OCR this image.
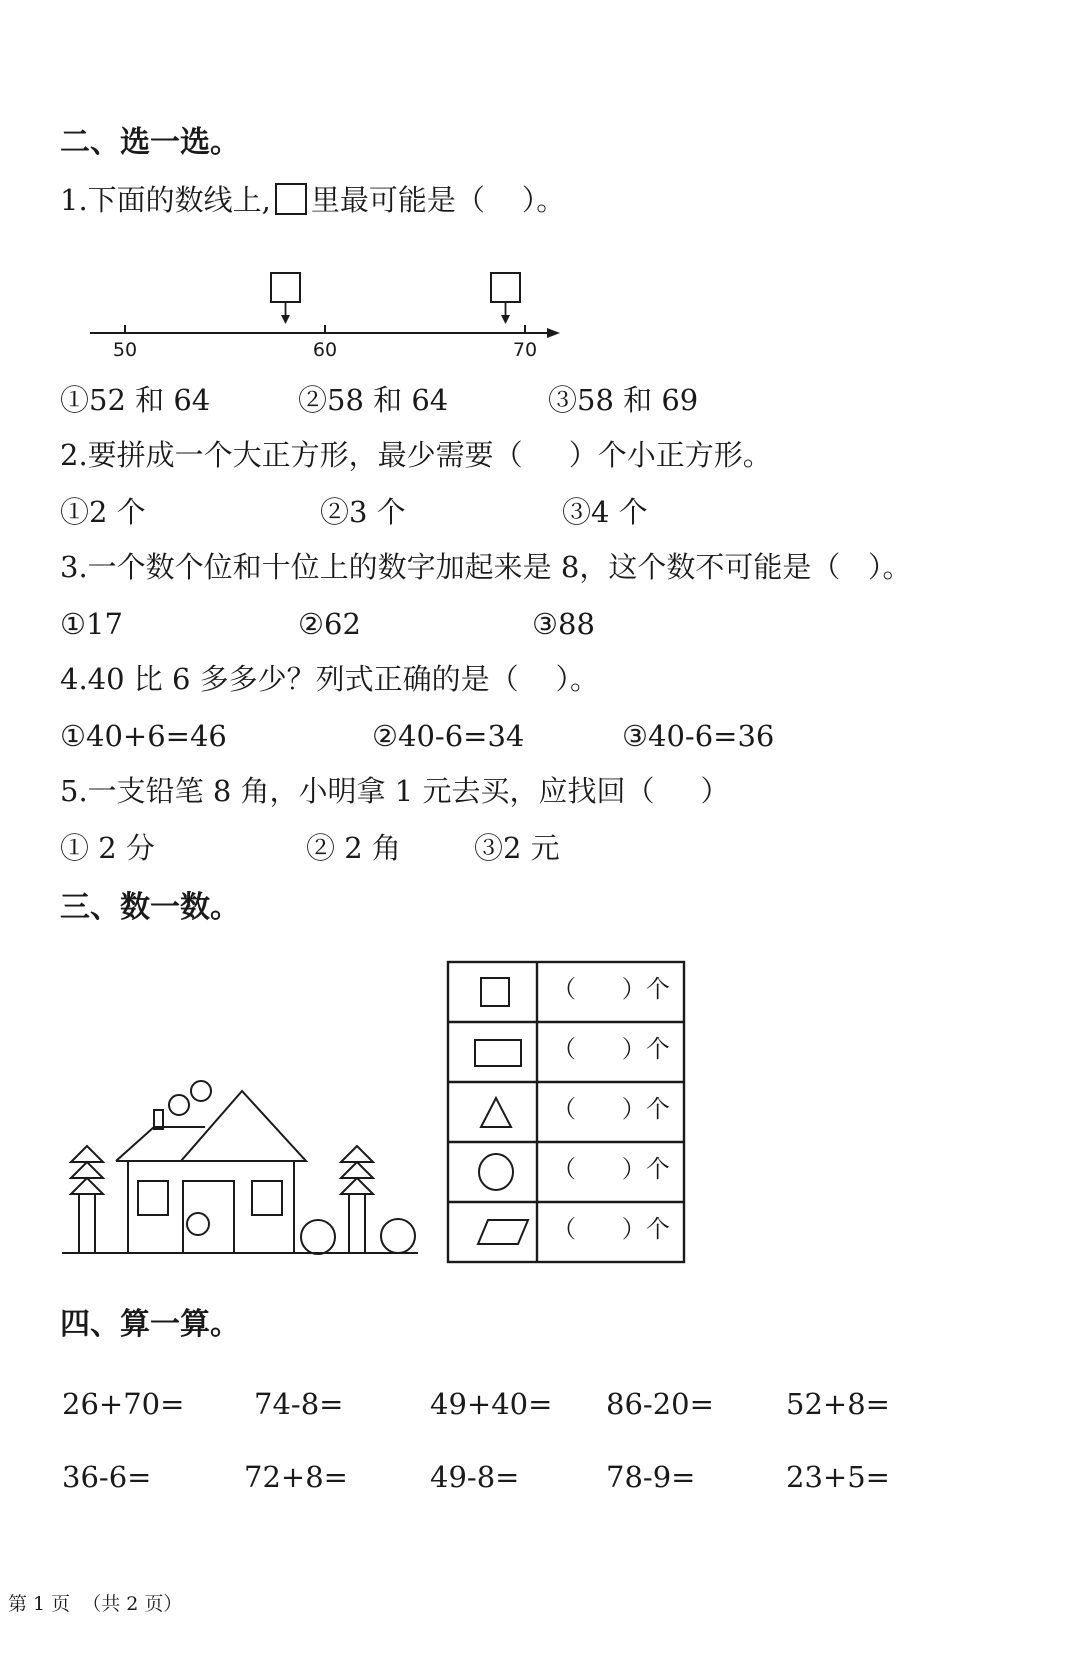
二、选一选。
1.下面的数线上, 里最可能是（    ）。
50	60	70
①52 和 64	②58 和 64	③58 和 69
2.要拼成一个大正方形，最少需要（     ）个小正方形。
①2 个	②3 个	③4 个
3.一个数个位和十位上的数字加起来是 8，这个数不可能是（   ）。
①17	②62	③88
4.40 比 6 多多少？列式正确的是（    ）。
①40+6=46	②40-6=34	③40-6=36
5.一支铅笔 8 角，小明拿 1 元去买，应找回（     ）
① 2 分	② 2 角	③2 元
三、数一数。
（      ）个
（      ）个
（      ）个
（      ）个
（      ）个
四、算一算。
26+70= 74-8=	49+40= 86-20= 52+8=
36-6=	72+8=	49-8=	78-9=	23+5=
第 1 页  （共 2 页）
